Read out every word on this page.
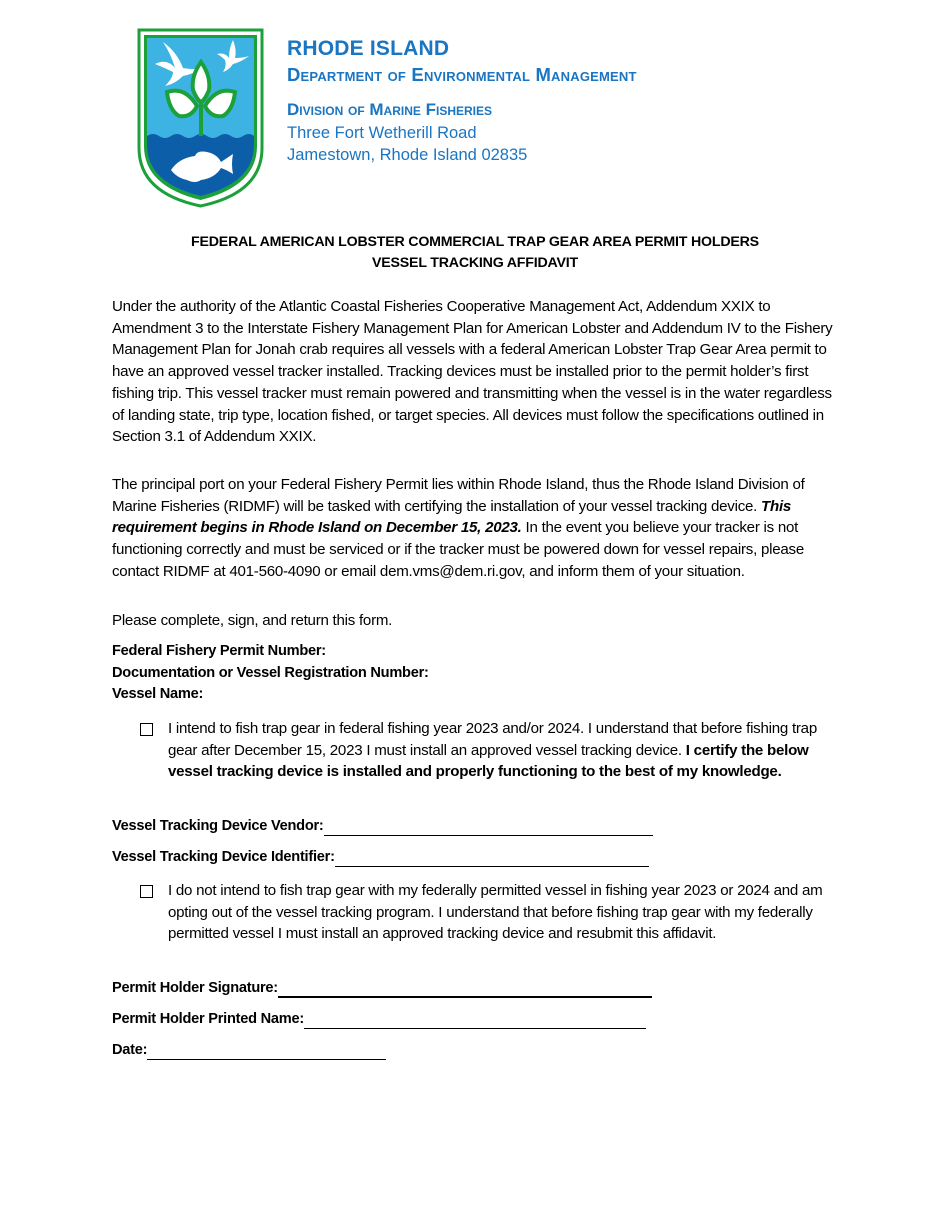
RHODE ISLAND
Department of Environmental Management
Division of Marine Fisheries
Three Fort Wetherill Road
Jamestown, Rhode Island 02835
FEDERAL AMERICAN LOBSTER COMMERCIAL TRAP GEAR AREA PERMIT HOLDERS
VESSEL TRACKING AFFIDAVIT
Under the authority of the Atlantic Coastal Fisheries Cooperative Management Act, Addendum XXIX to Amendment 3 to the Interstate Fishery Management Plan for American Lobster and Addendum IV to the Fishery Management Plan for Jonah crab requires all vessels with a federal American Lobster Trap Gear Area permit to have an approved vessel tracker installed. Tracking devices must be installed prior to the permit holder’s first fishing trip. This vessel tracker must remain powered and transmitting when the vessel is in the water regardless of landing state, trip type, location fished, or target species. All devices must follow the specifications outlined in Section 3.1 of Addendum XXIX.
The principal port on your Federal Fishery Permit lies within Rhode Island, thus the Rhode Island Division of Marine Fisheries (RIDMF) will be tasked with certifying the installation of your vessel tracking device. This requirement begins in Rhode Island on December 15, 2023. In the event you believe your tracker is not functioning correctly and must be serviced or if the tracker must be powered down for vessel repairs, please contact RIDMF at 401-560-4090 or email dem.vms@dem.ri.gov, and inform them of your situation.
Please complete, sign, and return this form.
Federal Fishery Permit Number:
Documentation or Vessel Registration Number:
Vessel Name:
I intend to fish trap gear in federal fishing year 2023 and/or 2024. I understand that before fishing trap gear after December 15, 2023 I must install an approved vessel tracking device. I certify the below vessel tracking device is installed and properly functioning to the best of my knowledge.
Vessel Tracking Device Vendor:
Vessel Tracking Device Identifier:
I do not intend to fish trap gear with my federally permitted vessel in fishing year 2023 or 2024 and am opting out of the vessel tracking program. I understand that before fishing trap gear with my federally permitted vessel I must install an approved tracking device and resubmit this affidavit.
Permit Holder Signature:
Permit Holder Printed Name:
Date:
